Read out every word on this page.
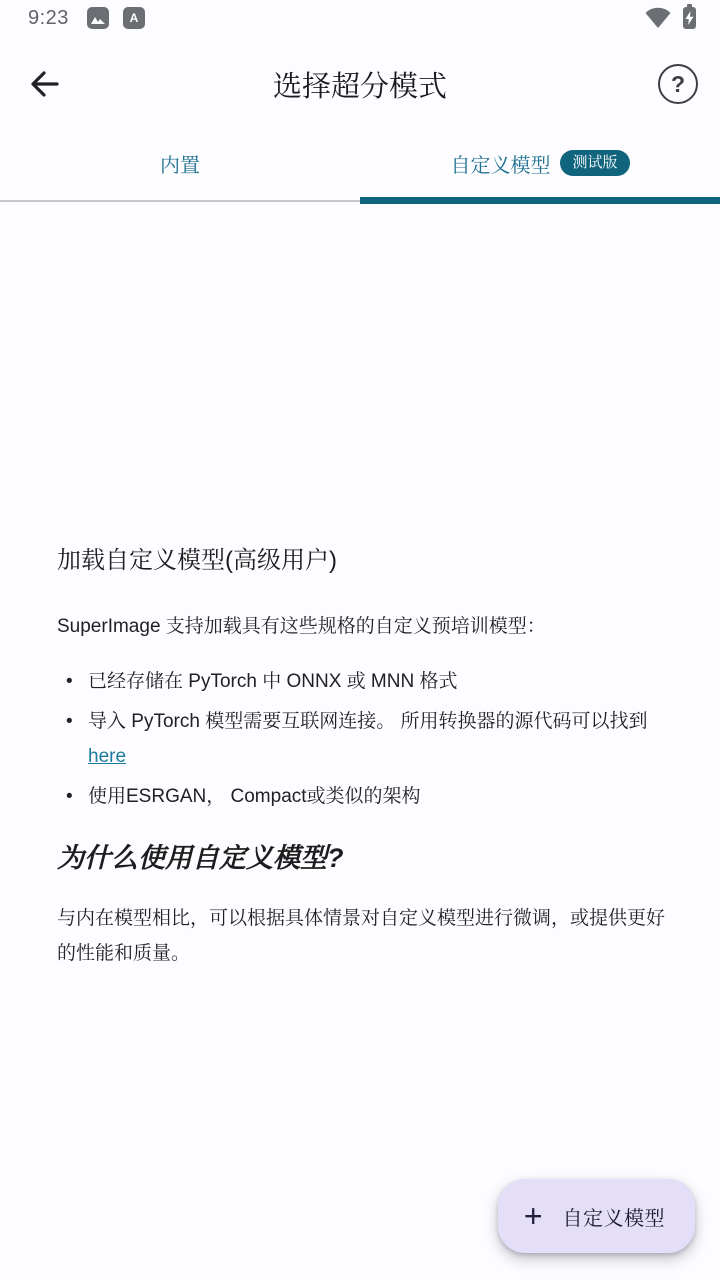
9:23	A
选择超分模式	?
内置	自定义模型	测试版
加载自定义模型(高级用户)

SuperImage 支持加载具有这些规格的自定义预培训模型：

• 已经存储在 PyTorch 中 ONNX 或 MNN 格式
• 导入 PyTorch 模型需要互联网连接。 所用转换器的源代码可以找到 here
• 使用ESRGAN， Compact或类似的架构
为什么使用自定义模型?

与内在模型相比，可以根据具体情景对自定义模型进行微调，或提供更好的性能和质量。

+ 自定义模型
